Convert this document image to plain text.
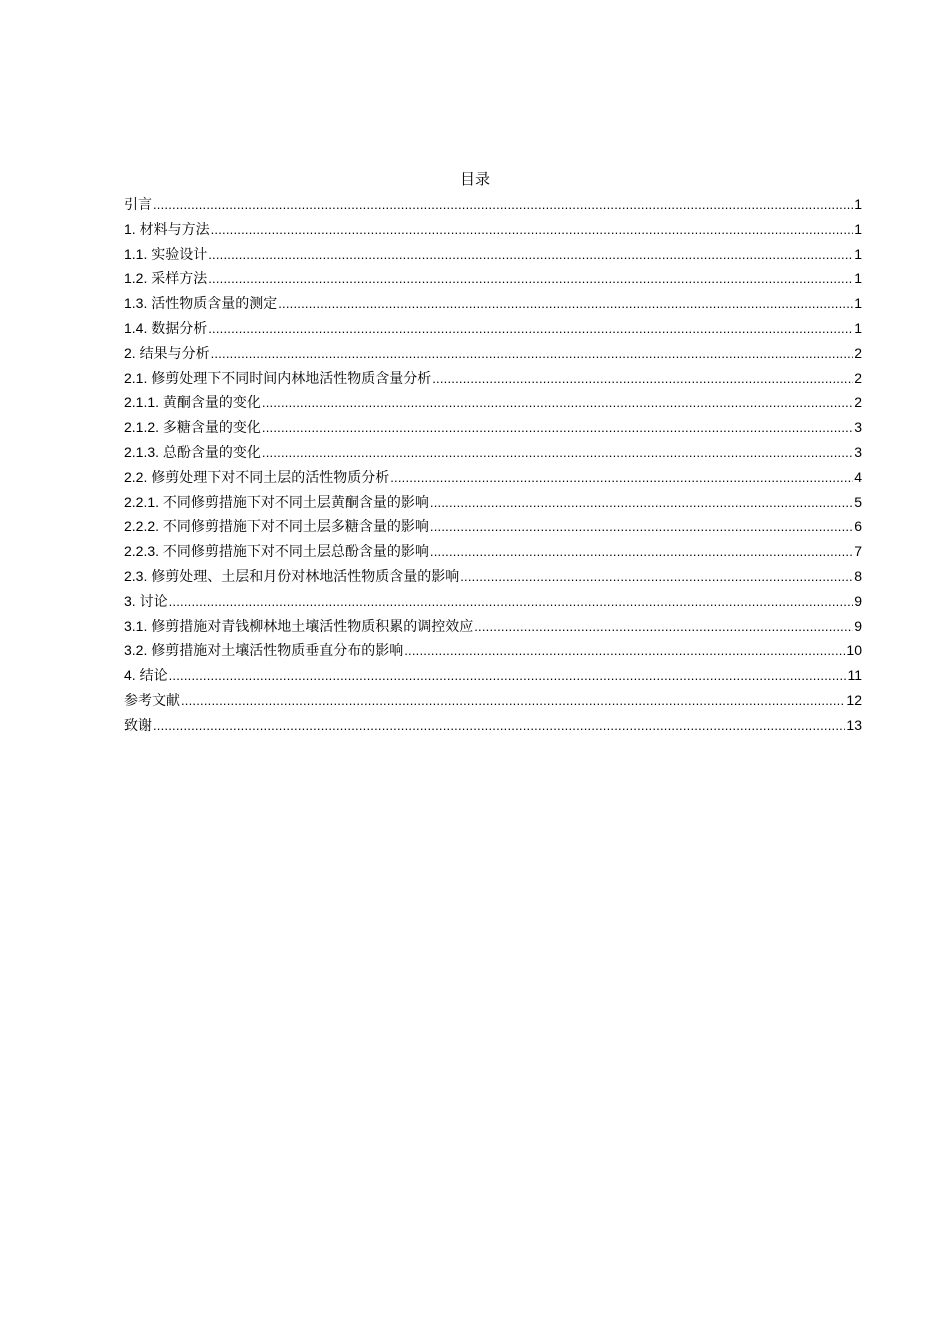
目录
引言 .....	1
1. 材料与方法 .....	1
1.1. 实验设计 .....	1
1.2. 采样方法 .....	1
1.3. 活性物质含量的测定 .....	1
1.4. 数据分析 .....	1
2. 结果与分析 .....	2
2.1. 修剪处理下不同时间内林地活性物质含量分析 .....	2
2.1.1. 黄酮含量的变化 .....	2
2.1.2. 多糖含量的变化 .....	3
2.1.3. 总酚含量的变化 .....	3
2.2. 修剪处理下对不同土层的活性物质分析 .....	4
2.2.1. 不同修剪措施下对不同土层黄酮含量的影响 .....	5
2.2.2. 不同修剪措施下对不同土层多糖含量的影响 .....	6
2.2.3. 不同修剪措施下对不同土层总酚含量的影响 .....	7
2.3. 修剪处理、土层和月份对林地活性物质含量的影响 .....	8
3. 讨论 .....	9
3.1. 修剪措施对青钱柳林地土壤活性物质积累的调控效应 .....	9
3.2. 修剪措施对土壤活性物质垂直分布的影响 .....	10
4. 结论 .....	11
参考文献 .....	12
致谢 .....	13
